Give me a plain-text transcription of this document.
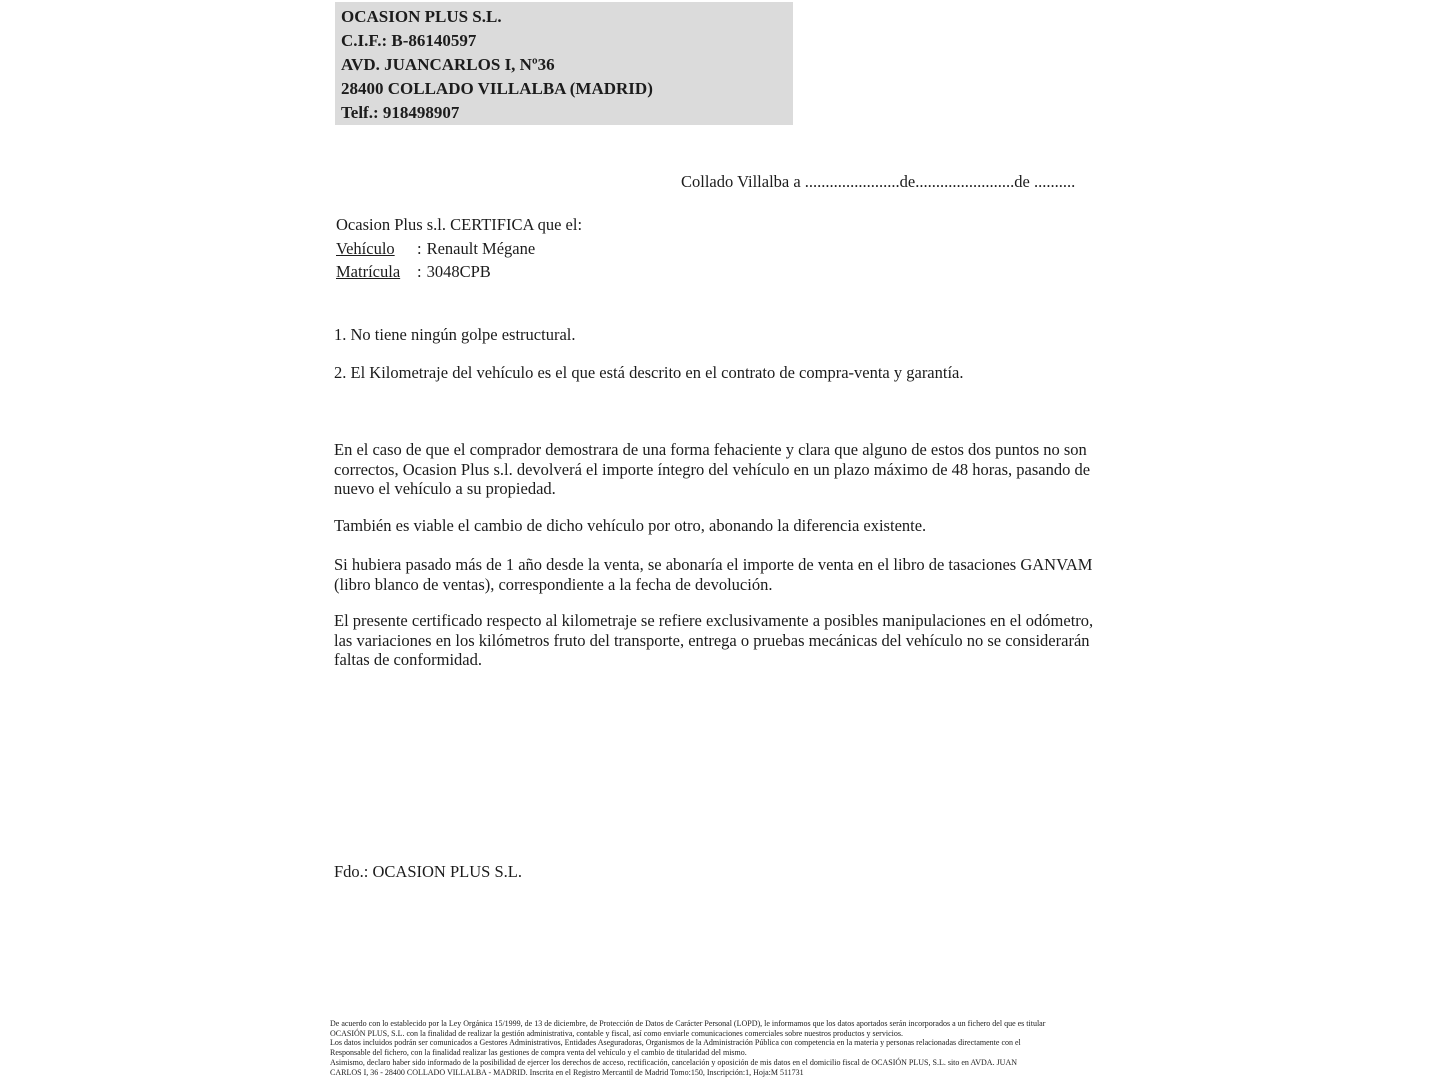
OCASION PLUS S.L.
C.I.F.: B-86140597
AVD. JUANCARLOS I, Nº36
28400 COLLADO VILLALBA (MADRID)
Telf.: 918498907
Collado Villalba a .......................de........................de ..........
Ocasion Plus s.l. CERTIFICA que el:
Vehículo : Renault Mégane
Matrícula : 3048CPB
1. No tiene ningún golpe estructural.
2. El Kilometraje del vehículo es el que está descrito en el contrato de compra-venta y garantía.

En el caso de que el comprador demostrara de una forma fehaciente y clara que alguno de estos dos puntos no son correctos, Ocasion Plus s.l. devolverá el importe íntegro del vehículo en un plazo máximo de 48 horas, pasando de nuevo el vehículo a su propiedad.

También es viable el cambio de dicho vehículo por otro, abonando la diferencia existente.

Si hubiera pasado más de 1 año desde la venta, se abonaría el importe de venta en el libro de tasaciones GANVAM (libro blanco de ventas), correspondiente a la fecha de devolución.

El presente certificado respecto al kilometraje se refiere exclusivamente a posibles manipulaciones en el odómetro, las variaciones en los kilómetros fruto del transporte, entrega o pruebas mecánicas del vehículo no se considerarán faltas de conformidad.

Fdo.: OCASION PLUS S.L.
De acuerdo con lo establecido por la Ley Orgánica 15/1999, de 13 de diciembre, de Protección de Datos de Carácter Personal (LOPD), le informamos que los datos aportados serán incorporados a un fichero del que es titular
OCASIÓN PLUS, S.L. con la finalidad de realizar la gestión administrativa, contable y fiscal, así como enviarle comunicaciones comerciales sobre nuestros productos y servicios.
Los datos incluidos podrán ser comunicados a Gestores Administrativos, Entidades Aseguradoras, Organismos de la Administración Pública con competencia en la materia y personas relacionadas directamente con el
Responsable del fichero, con la finalidad realizar las gestiones de compra venta del vehículo y el cambio de titularidad del mismo.
Asimismo, declaro haber sido informado de la posibilidad de ejercer los derechos de acceso, rectificación, cancelación y oposición de mis datos en el domicilio fiscal de OCASIÓN PLUS, S.L. sito en AVDA. JUAN
CARLOS I, 36 - 28400 COLLADO VILLALBA - MADRID. Inscrita en el Registro Mercantil de Madrid Tomo:150, Inscripción:1, Hoja:M 511731
